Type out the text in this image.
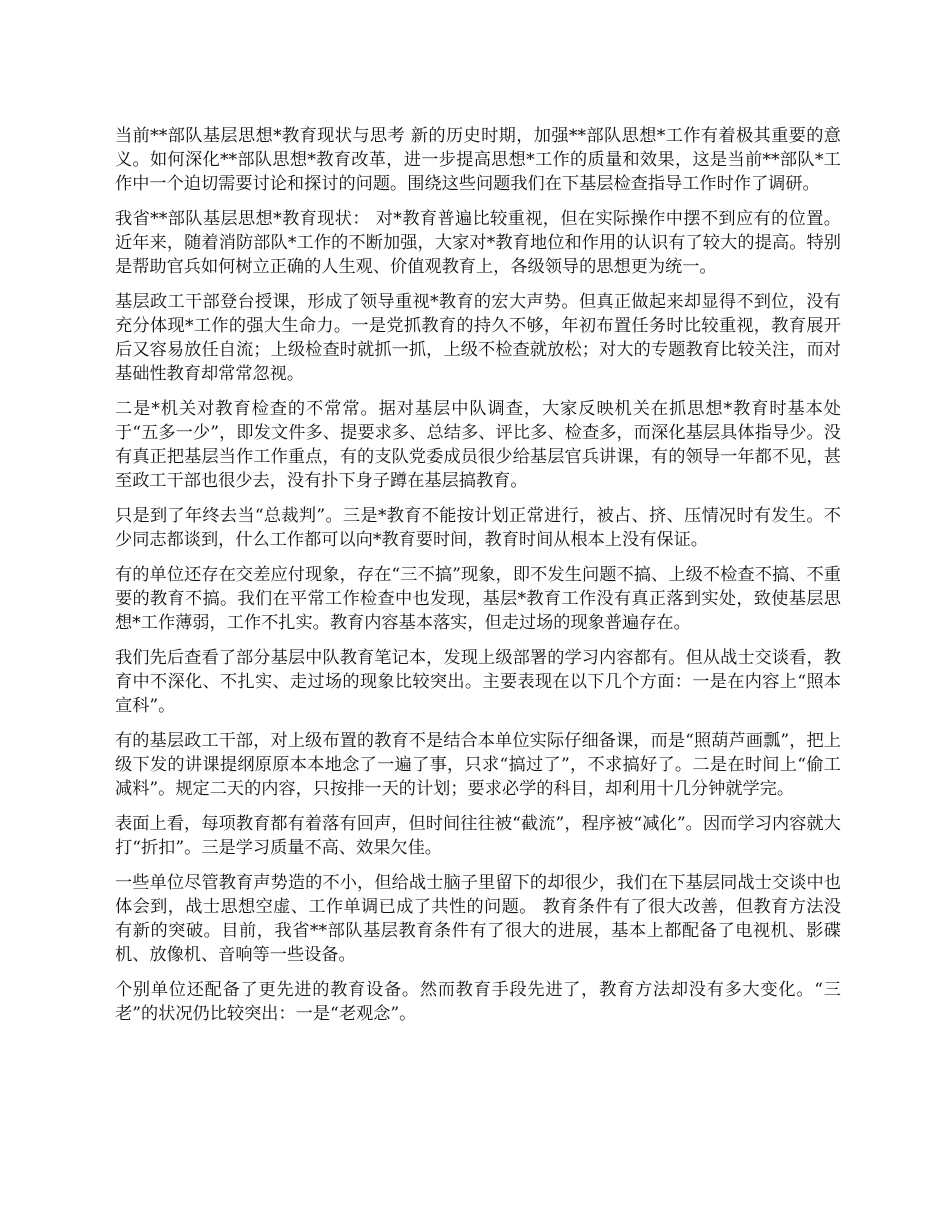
当前**部队基层思想*教育现状与思考 新的历史时期，加强**部队思想*工作有着极其重要的意义。如何深化**部队思想*教育改革，进一步提高思想*工作的质量和效果，这是当前**部队*工作中一个迫切需要讨论和探讨的问题。围绕这些问题我们在下基层检查指导工作时作了调研。

我省**部队基层思想*教育现状： 对*教育普遍比较重视，但在实际操作中摆不到应有的位置。近年来，随着消防部队*工作的不断加强，大家对*教育地位和作用的认识有了较大的提高。特别是帮助官兵如何树立正确的人生观、价值观教育上，各级领导的思想更为统一。

基层政工干部登台授课，形成了领导重视*教育的宏大声势。但真正做起来却显得不到位，没有充分体现*工作的强大生命力。一是党抓教育的持久不够，年初布置任务时比较重视，教育展开后又容易放任自流；上级检查时就抓一抓，上级不检查就放松；对大的专题教育比较关注，而对基础性教育却常常忽视。

二是*机关对教育检查的不常常。据对基层中队调查，大家反映机关在抓思想*教育时基本处于“五多一少”，即发文件多、提要求多、总结多、评比多、检查多，而深化基层具体指导少。没有真正把基层当作工作重点，有的支队党委成员很少给基层官兵讲课，有的领导一年都不见，甚至政工干部也很少去，没有扑下身子蹲在基层搞教育。

只是到了年终去当“总裁判”。三是*教育不能按计划正常进行，被占、挤、压情况时有发生。不少同志都谈到，什么工作都可以向*教育要时间，教育时间从根本上没有保证。

有的单位还存在交差应付现象，存在“三不搞”现象，即不发生问题不搞、上级不检查不搞、不重要的教育不搞。我们在平常工作检查中也发现，基层*教育工作没有真正落到实处，致使基层思想*工作薄弱，工作不扎实。教育内容基本落实，但走过场的现象普遍存在。

我们先后查看了部分基层中队教育笔记本，发现上级部署的学习内容都有。但从战士交谈看，教育中不深化、不扎实、走过场的现象比较突出。主要表现在以下几个方面：一是在内容上“照本宣科”。

有的基层政工干部，对上级布置的教育不是结合本单位实际仔细备课，而是“照葫芦画瓢”，把上级下发的讲课提纲原原本本地念了一遍了事，只求“搞过了”，不求搞好了。二是在时间上“偷工减料”。规定二天的内容，只按排一天的计划；要求必学的科目，却利用十几分钟就学完。

表面上看，每项教育都有着落有回声，但时间往往被“截流”，程序被“减化”。因而学习内容就大打“折扣”。三是学习质量不高、效果欠佳。

一些单位尽管教育声势造的不小，但给战士脑子里留下的却很少，我们在下基层同战士交谈中也体会到，战士思想空虚、工作单调已成了共性的问题。 教育条件有了很大改善，但教育方法没有新的突破。目前，我省**部队基层教育条件有了很大的进展，基本上都配备了电视机、影碟机、放像机、音响等一些设备。

个别单位还配备了更先进的教育设备。然而教育手段先进了，教育方法却没有多大变化。“三老”的状况仍比较突出：一是“老观念”。
